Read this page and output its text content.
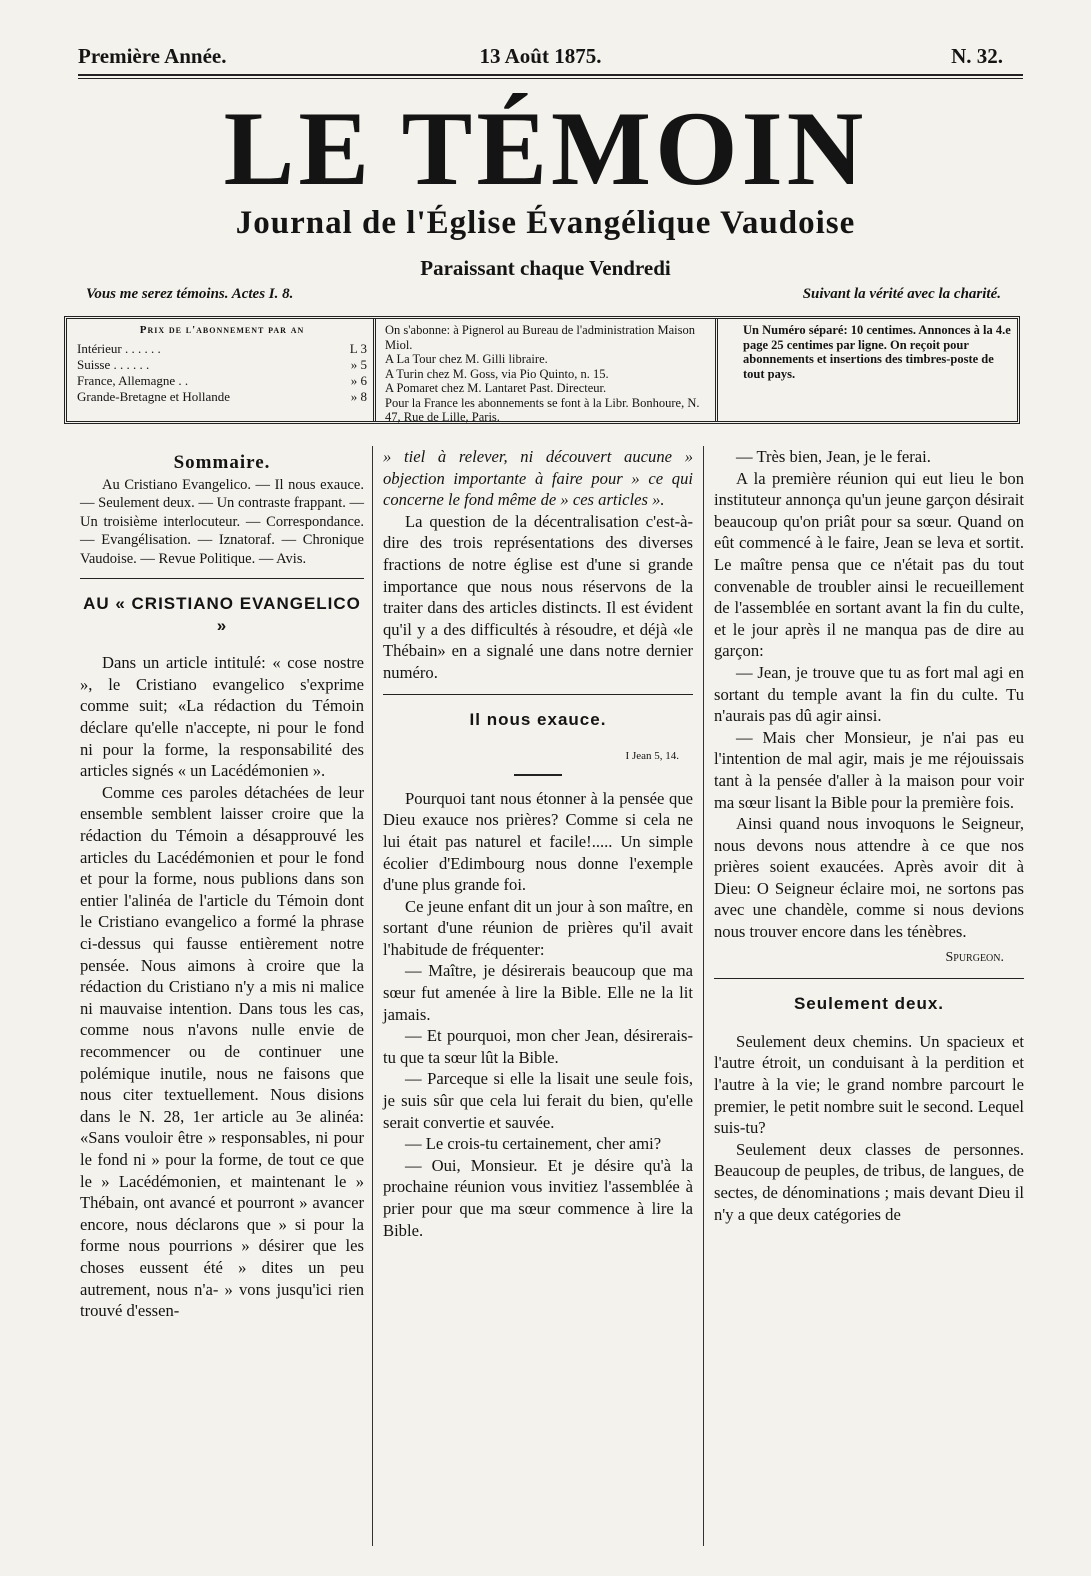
Première Année.	13 Août 1875.	N. 32.
LE TÉMOIN
Journal de l'Église Évangélique Vaudoise
Paraissant chaque Vendredi
Vous me serez témoins. Actes I. 8.	Suivant la vérité avec la charité.
Prix de l'abonnement par an
Intérieur . . . . . .	L 3
Suisse . . . . . .	» 5
France, Allemagne . .	» 6
Grande-Bretagne et Hollande	» 8
On s'abonne: à Pignerol au Bureau de l'administration Maison Miol.
A La Tour chez M. Gilli libraire.
A Turin chez M. Goss, via Pio Quinto, n. 15.
A Pomaret chez M. Lantaret Past. Directeur.
Pour la France les abonnements se font à la Libr. Bonhoure, N. 47, Rue de Lille, Paris.
Un Numéro séparé: 10 centimes. Annonces à la 4.e page 25 centimes par ligne. On reçoit pour abonnements et insertions des timbres-poste de tout pays.
Sommaire.

Au Cristiano Evangelico. — Il nous exauce. — Seulement deux. — Un contraste frappant. — Un troisième interlocuteur. — Correspondance. — Evangélisation. — Iznatoraf. — Chronique Vaudoise. — Revue Politique. — Avis.

AU « CRISTIANO EVANGELICO »

Dans un article intitulé: « cose nostre », le Cristiano evangelico s'exprime comme suit; «La rédaction du Témoin déclare qu'elle n'accepte, ni pour le fond ni pour la forme, la responsabilité des articles signés « un Lacédémonien ».

Comme ces paroles détachées de leur ensemble semblent laisser croire que la rédaction du Témoin a désapprouvé les articles du Lacédémonien et pour le fond et pour la forme, nous publions dans son entier l'alinéa de l'article du Témoin dont le Cristiano evangelico a formé la phrase ci-dessus qui fausse entièrement notre pensée. Nous aimons à croire que la rédaction du Cristiano n'y a mis ni malice ni mauvaise intention. Dans tous les cas, comme nous n'avons nulle envie de recommencer ou de continuer une polémique inutile, nous ne faisons que nous citer textuellement. Nous disions dans le N. 28, 1er article au 3e alinéa: «Sans vouloir être » responsables, ni pour le fond ni » pour la forme, de tout ce que le » Lacédémonien, et maintenant le » Thébain, ont avancé et pourront » avancer encore, nous déclarons que » si pour la forme nous pourrions » désirer que les choses eussent été » dites un peu autrement, nous n'a- » vons jusqu'ici rien trouvé d'essen-

» tiel à relever, ni découvert aucune » objection importante à faire pour » ce qui concerne le fond même de » ces articles ».

La question de la décentralisation c'est-à-dire des trois représentations des diverses fractions de notre église est d'une si grande importance que nous nous réservons de la traiter dans des articles distincts. Il est évident qu'il y a des difficultés à résoudre, et déjà «le Thébain» en a signalé une dans notre dernier numéro.

Il nous exauce.
I Jean 5, 14.

Pourquoi tant nous étonner à la pensée que Dieu exauce nos prières? Comme si cela ne lui était pas naturel et facile!..... Un simple écolier d'Edimbourg nous donne l'exemple d'une plus grande foi.

Ce jeune enfant dit un jour à son maître, en sortant d'une réunion de prières qu'il avait l'habitude de fréquenter:

— Maître, je désirerais beaucoup que ma sœur fut amenée à lire la Bible. Elle ne la lit jamais.

— Et pourquoi, mon cher Jean, désirerais-tu que ta sœur lût la Bible.

— Parceque si elle la lisait une seule fois, je suis sûr que cela lui ferait du bien, qu'elle serait convertie et sauvée.

— Le crois-tu certainement, cher ami?

— Oui, Monsieur. Et je désire qu'à la prochaine réunion vous invitiez l'assemblée à prier pour que ma sœur commence à lire la Bible.

— Très bien, Jean, je le ferai.

A la première réunion qui eut lieu le bon instituteur annonça qu'un jeune garçon désirait beaucoup qu'on priât pour sa sœur. Quand on eût commencé à le faire, Jean se leva et sortit. Le maître pensa que ce n'était pas du tout convenable de troubler ainsi le recueillement de l'assemblée en sortant avant la fin du culte, et le jour après il ne manqua pas de dire au garçon:

— Jean, je trouve que tu as fort mal agi en sortant du temple avant la fin du culte. Tu n'aurais pas dû agir ainsi.

— Mais cher Monsieur, je n'ai pas eu l'intention de mal agir, mais je me réjouissais tant à la pensée d'aller à la maison pour voir ma sœur lisant la Bible pour la première fois.

Ainsi quand nous invoquons le Seigneur, nous devons nous attendre à ce que nos prières soient exaucées. Après avoir dit à Dieu: O Seigneur éclaire moi, ne sortons pas avec une chandèle, comme si nous devions nous trouver encore dans les ténèbres.

Spurgeon.
Seulement deux.

Seulement deux chemins. Un spacieux et l'autre étroit, un conduisant à la perdition et l'autre à la vie; le grand nombre parcourt le premier, le petit nombre suit le second. Lequel suis-tu?

Seulement deux classes de personnes. Beaucoup de peuples, de tribus, de langues, de sectes, de dénominations ; mais devant Dieu il n'y a que deux catégories de
